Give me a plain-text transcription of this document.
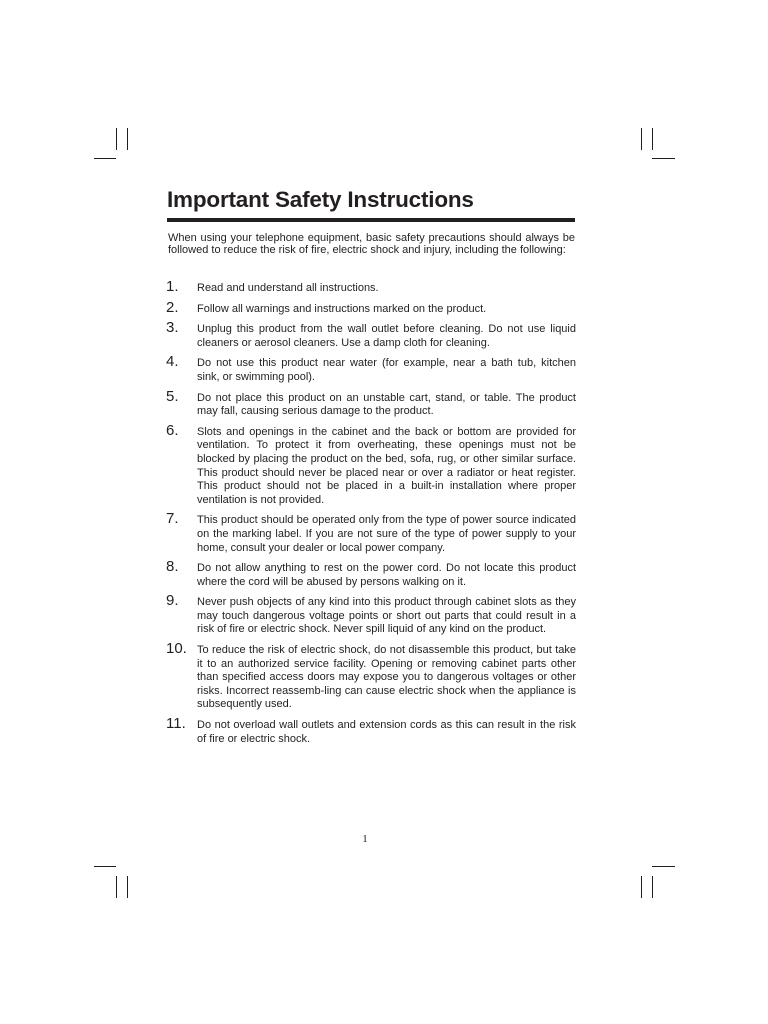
Important Safety Instructions

When using your telephone equipment, basic safety precautions should always be followed to reduce the risk of fire, electric shock and injury, including the following:

1. Read and understand all instructions.
2. Follow all warnings and instructions marked on the product.
3. Unplug this product from the wall outlet before cleaning. Do not use liquid cleaners or aerosol cleaners. Use a damp cloth for cleaning.
4. Do not use this product near water (for example, near a bath tub, kitchen sink, or swimming pool).
5. Do not place this product on an unstable cart, stand, or table. The product may fall, causing serious damage to the product.
6. Slots and openings in the cabinet and the back or bottom are provided for ventilation. To protect it from overheating, these openings must not be blocked by placing the product on the bed, sofa, rug, or other similar surface. This product should never be placed near or over a radiator or heat register. This product should not be placed in a built-in installation where proper ventilation is not provided.
7. This product should be operated only from the type of power source indicated on the marking label. If you are not sure of the type of power supply to your home, consult your dealer or local power company.
8. Do not allow anything to rest on the power cord. Do not locate this product where the cord will be abused by persons walking on it.
9. Never push objects of any kind into this product through cabinet slots as they may touch dangerous voltage points or short out parts that could result in a risk of fire or electric shock. Never spill liquid of any kind on the product.
10. To reduce the risk of electric shock, do not disassemble this product, but take it to an authorized service facility. Opening or removing cabinet parts other than specified access doors may expose you to dangerous voltages or other risks. Incorrect reassemb-ling can cause electric shock when the appliance is subsequently used.
11. Do not overload wall outlets and extension cords as this can result in the risk of fire or electric shock.
1
